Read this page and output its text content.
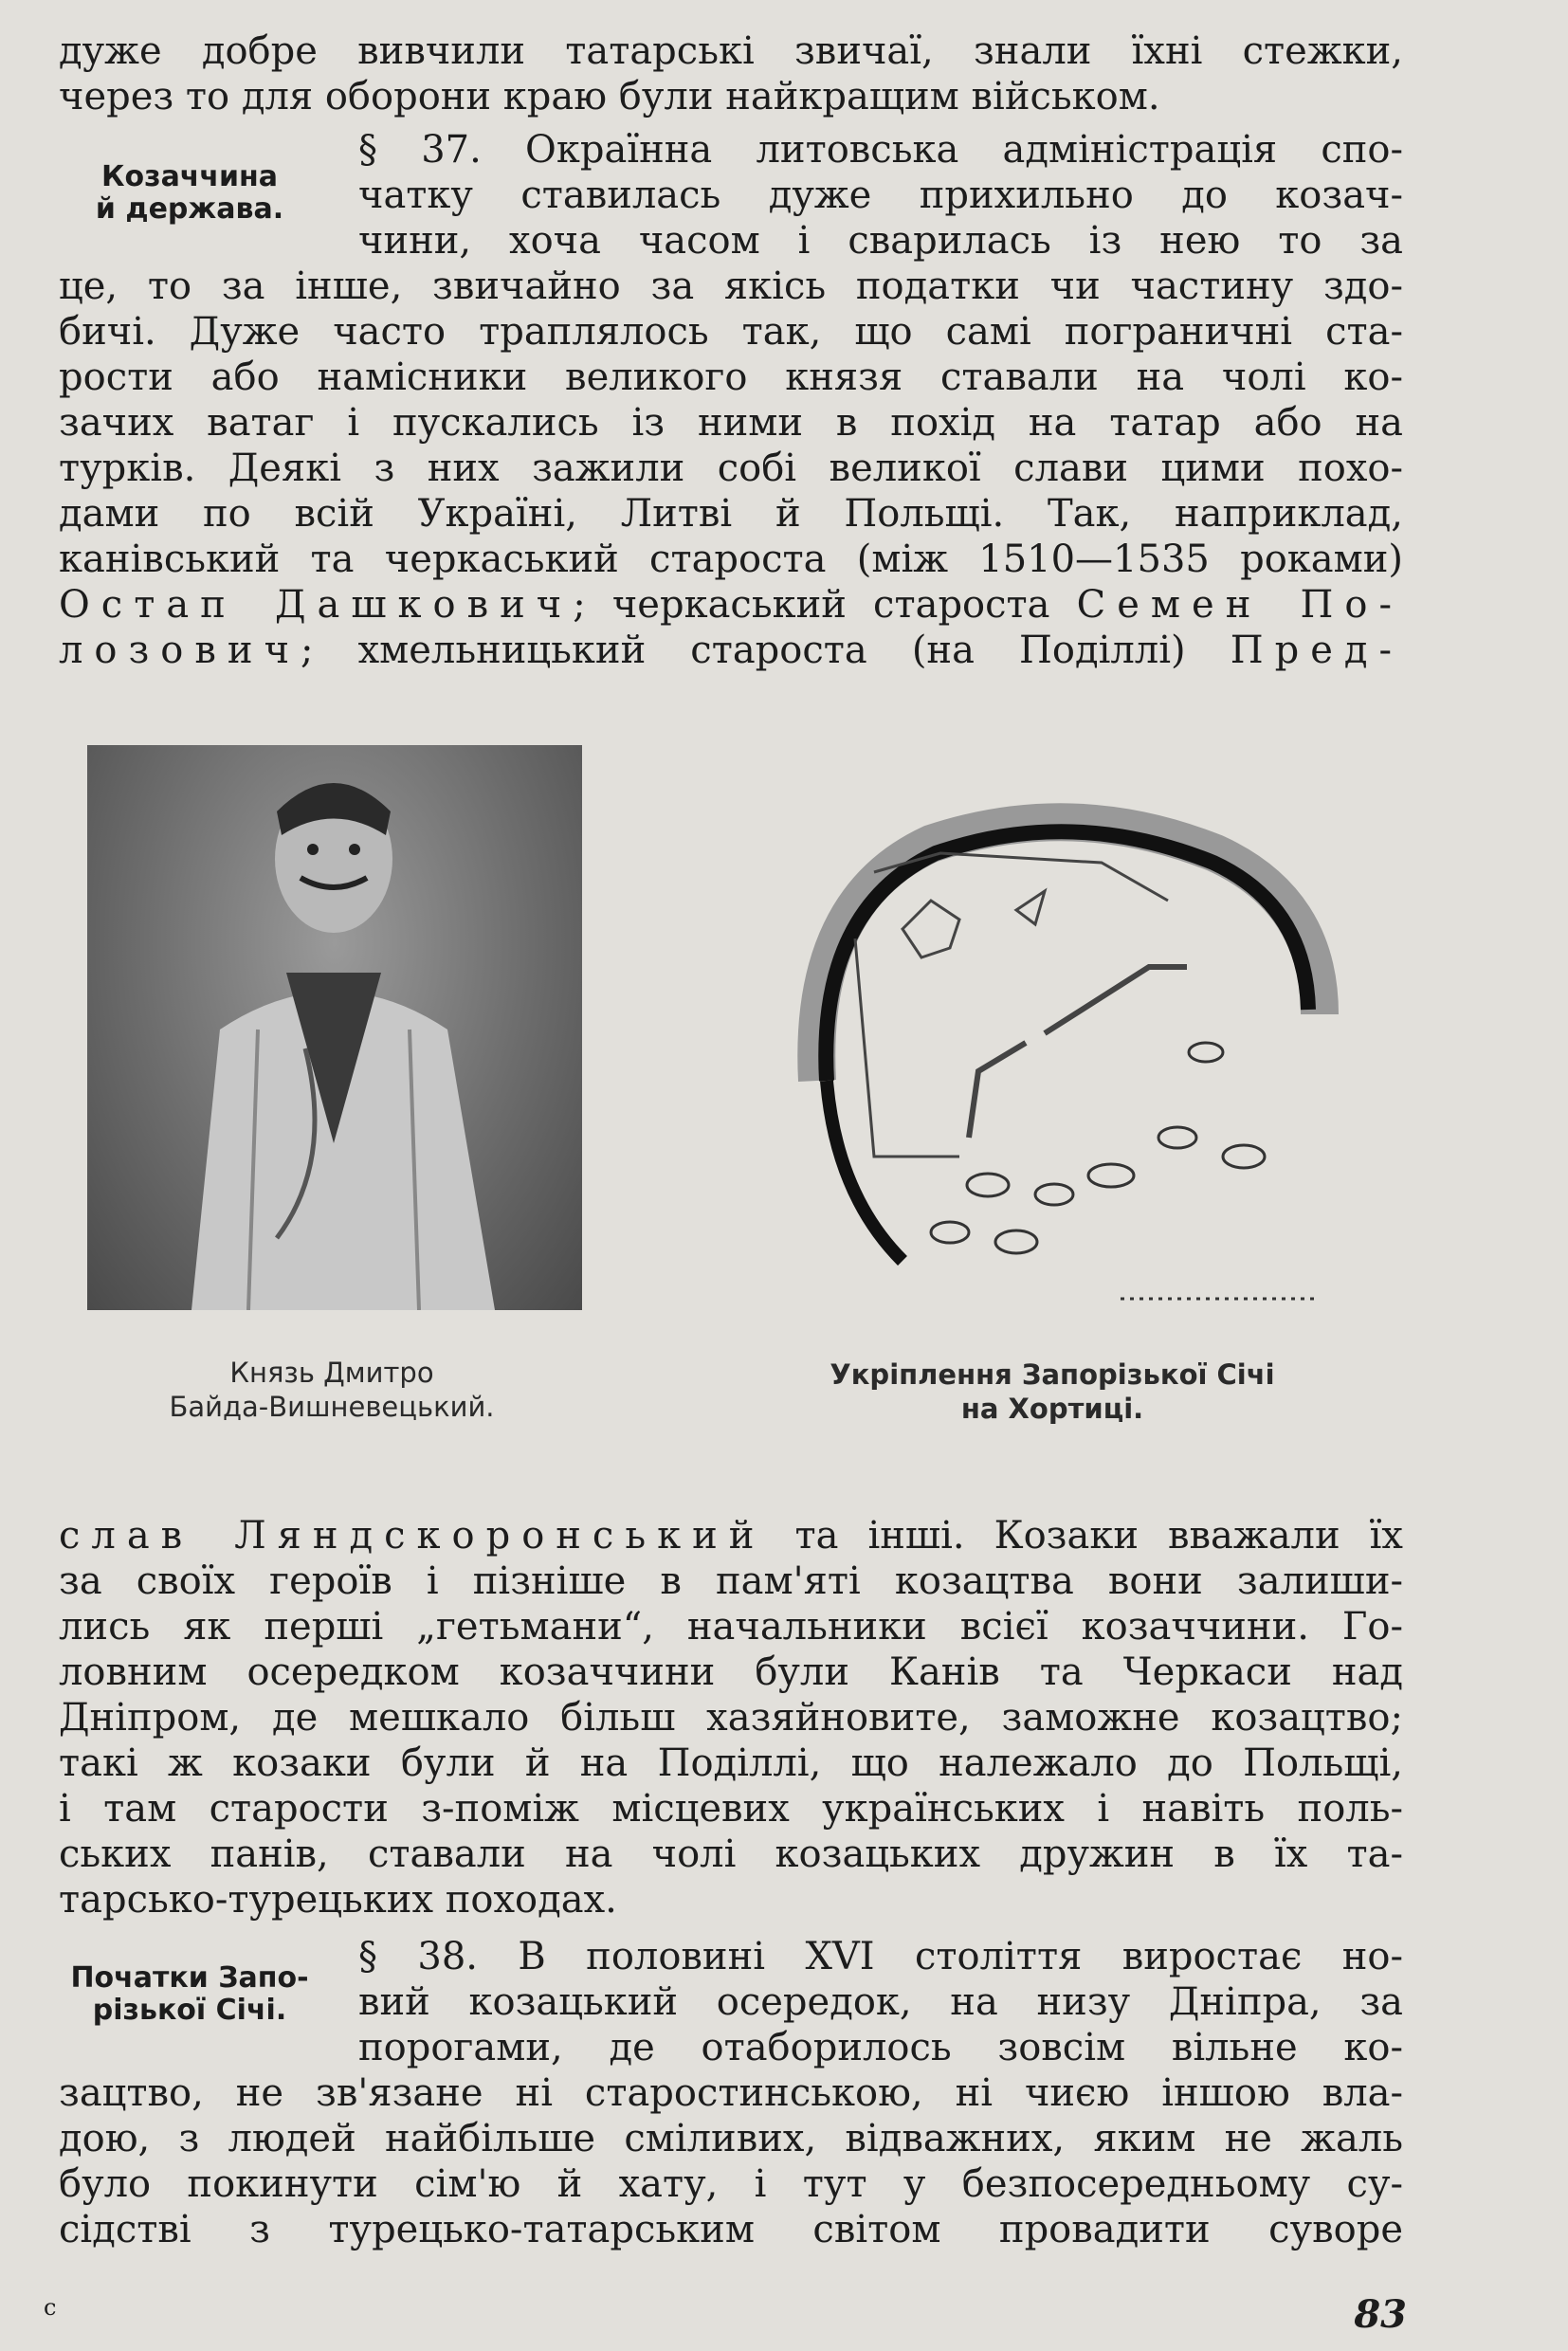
дуже добре вивчили татарські звичаї, знали їхні стежки,

через то для оборони краю були найкращим військом.

Козаччина
й держава.

§ 37. Окраїнна литовська адміністрація спо-

чатку ставилась дуже прихильно до козач-

чини, хоча часом і сварилась із нею то за

це, то за інше, звичайно за якісь податки чи частину здо-

бичі. Дуже часто траплялось так, що самі пограничні ста-

рости або намісники великого князя ставали на чолі ко-

зачих ватаг і пускались із ними в похід на татар або на

турків. Деякі з них зажили собі великої слави цими похо-

дами по всій Україні, Литві й Польщі. Так, наприклад,

канівський та черкаський староста (між 1510—1535 роками)

Остап Дашкович; черкаський староста Семен По-

лозович; хмельницький староста (на Поділлі) Пред-

Князь Дмитро
Байда-Вишневецький.
Укріплення Запорізької Січі
на Хортиці.

слав Ляндскоронський та інші. Козаки вважали їх

за своїх героїв і пізніше в пам'яті козацтва вони залиши-

лись як перші „гетьмани“, начальники всієї козаччини. Го-

ловним осередком козаччини були Канів та Черкаси над

Дніпром, де мешкало більш хазяйновите, заможне козацтво;

такі ж козаки були й на Поділлі, що належало до Польщі,

і там старости з-поміж місцевих українських і навіть поль-

ських панів, ставали на чолі козацьких дружин в їх та-

тарсько-турецьких походах.

Початки Запо-
різької Січі.

§ 38. В половині XVI століття виростає но-

вий козацький осередок, на низу Дніпра, за

порогами, де отаборилось зовсім вільне ко-

зацтво, не зв'язане ні старостинською, ні чиєю іншою вла-

дою, з людей найбільше сміливих, відважних, яким не жаль

було покинути сім'ю й хату, і тут у безпосередньому су-

сідстві з турецько-татарським світом провадити суворе

c	83
